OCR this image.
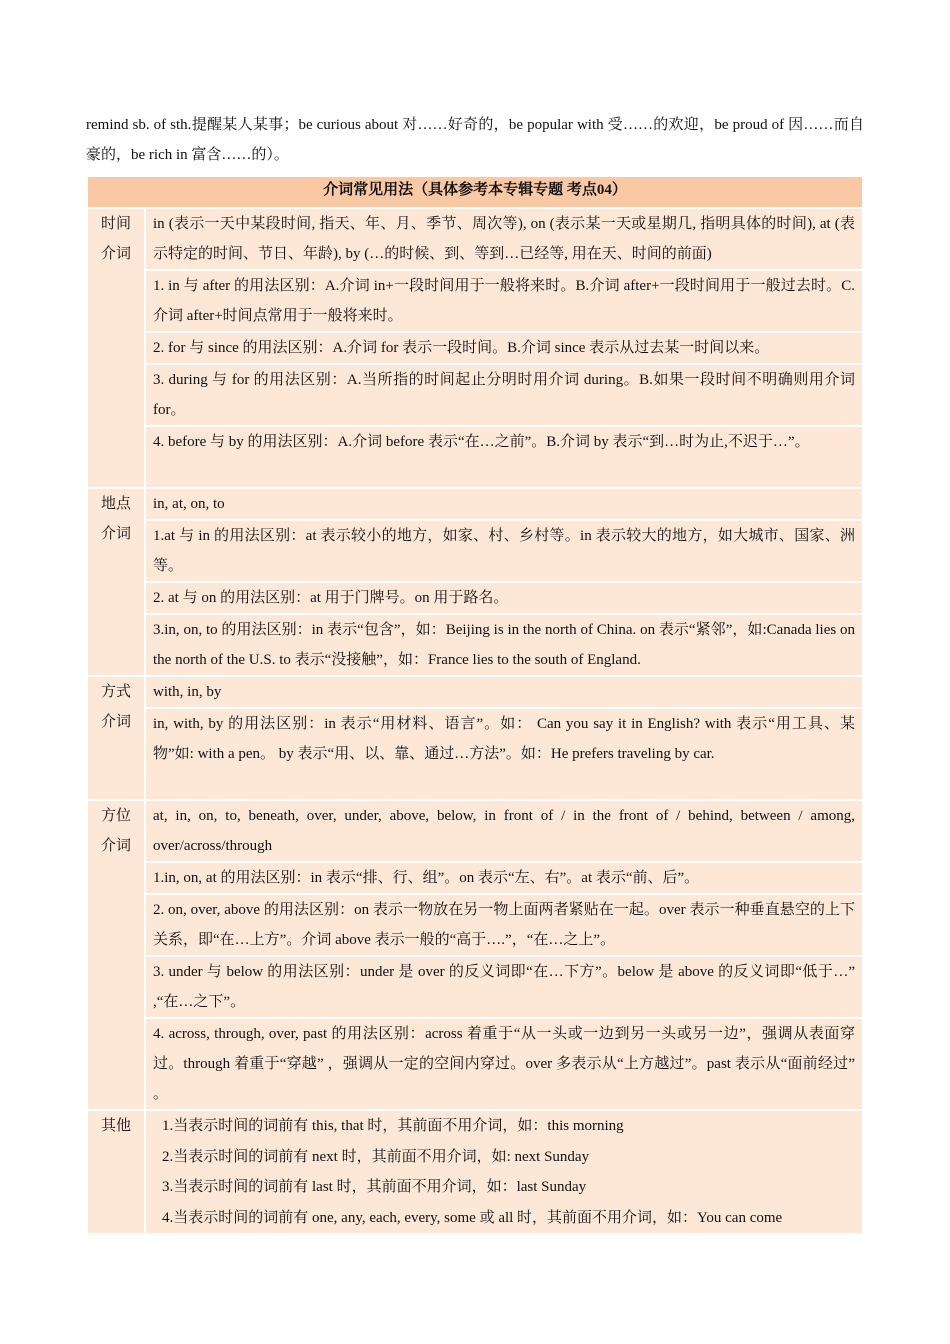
remind sb. of sth.提醒某人某事；be curious about 对……好奇的，be popular with 受……的欢迎，be proud of 因……而自豪的，be rich in 富含……的）。
介词常见用法（具体参考本专辑专题 考点04）	
时间
介词	in (表示一天中某段时间, 指天、年、月、季节、周次等), on (表示某一天或星期几, 指明具体的时间), at (表示特定的时间、节日、年龄), by (…的时候、到、等到…已经等, 用在天、时间的前面)
	1. in 与 after 的用法区别：A.介词 in+一段时间用于一般将来时。B.介词 after+一段时间用于一般过去时。C.介词 after+时间点常用于一般将来时。
	2. for 与 since 的用法区别：A.介词 for 表示一段时间。B.介词 since 表示从过去某一时间以来。
	3. during 与 for 的用法区别：A.当所指的时间起止分明时用介词 during。B.如果一段时间不明确则用介词 for。
	4. before 与 by 的用法区别：A.介词 before 表示“在…之前”。B.介词 by 表示“到…时为止,不迟于…”。
地点
介词	in, at, on, to
	1.at 与 in 的用法区别：at 表示较小的地方，如家、村、乡村等。in 表示较大的地方，如大城市、国家、洲等。
	2. at 与 on 的用法区别：at 用于门牌号。on 用于路名。
	3.in, on, to 的用法区别：in 表示“包含”，如：Beijing is in the north of China. on 表示“紧邻”，如:Canada lies on the north of the U.S. to 表示“没接触”，如：France lies to the south of England.
方式
介词	with, in, by
	in, with, by 的用法区别：in 表示“用材料、语言”。如： Can you say it in English? with 表示“用工具、某物”如: with a pen。 by 表示“用、以、靠、通过…方法”。如：He prefers traveling by car.
方位
介词	at, in, on, to, beneath, over, under, above, below, in front of / in the front of / behind, between / among, over/across/through
	1.in, on, at 的用法区别：in 表示“排、行、组”。on 表示“左、右”。at 表示“前、后”。
	2. on, over, above 的用法区别：on 表示一物放在另一物上面两者紧贴在一起。over 表示一种垂直悬空的上下关系，即“在…上方”。介词 above 表示一般的“高于….”，“在…之上”。
	3. under 与 below 的用法区别：under 是 over 的反义词即“在…下方”。below 是 above 的反义词即“低于…” ,“在…之下”。
	4. across, through, over, past 的用法区别：across 着重于“从一头或一边到另一头或另一边”，强调从表面穿过。through 着重于“穿越” ，强调从一定的空间内穿过。over 多表示从“上方越过”。past 表示从“面前经过” 。
其他	1.当表示时间的词前有 this, that 时，其前面不用介词，如：this morning
2.当表示时间的词前有 next 时，其前面不用介词，如: next Sunday
3.当表示时间的词前有 last 时，其前面不用介词，如：last Sunday
4.当表示时间的词前有 one, any, each, every, some 或 all 时，其前面不用介词，如：You can come
